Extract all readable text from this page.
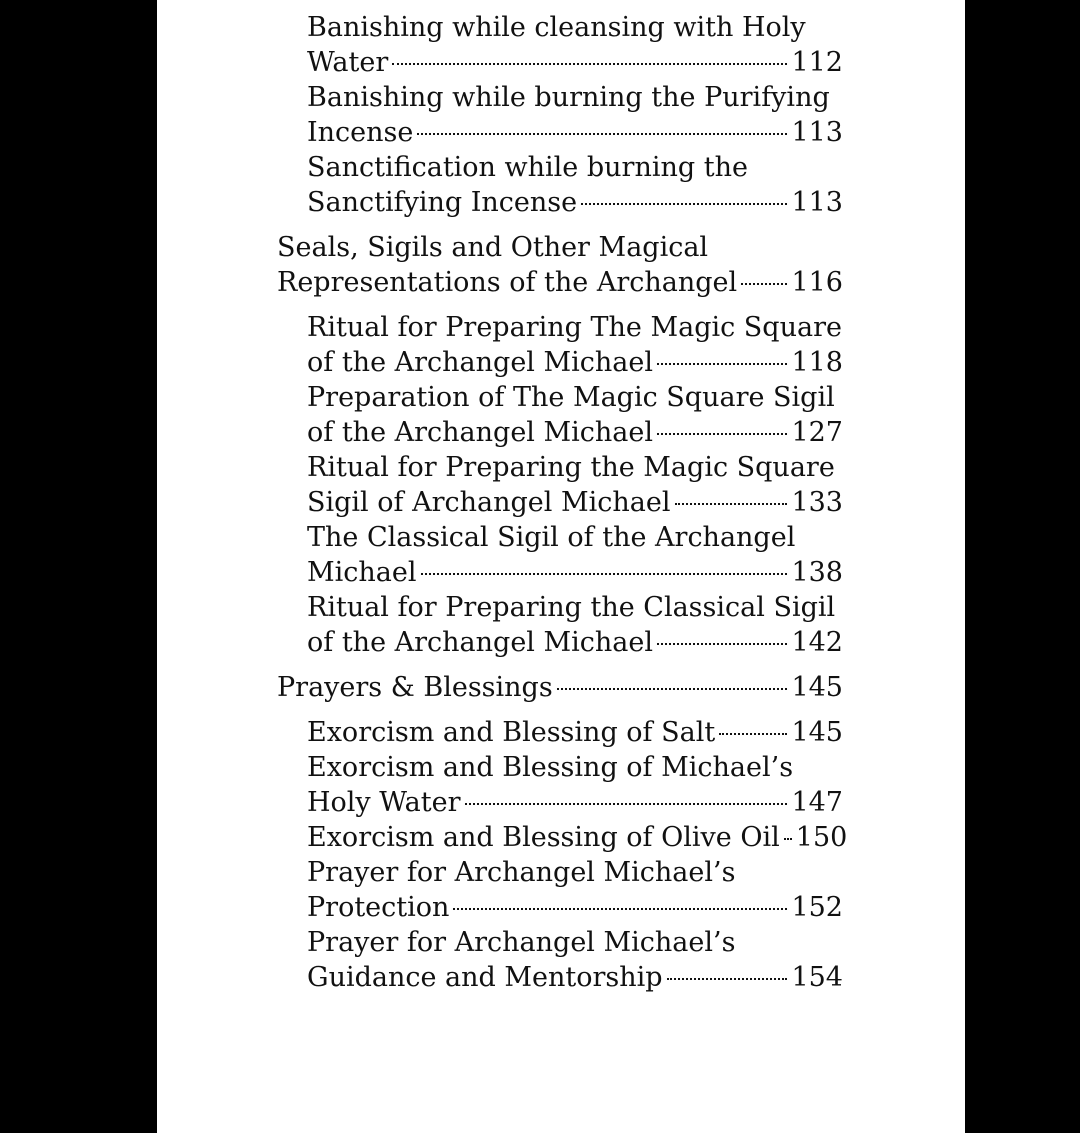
Banishing while cleansing with Holy
Water	112
Banishing while burning the Purifying
Incense	113
Sanctification while burning the
Sanctifying Incense	113
Seals, Sigils and Other Magical
Representations of the Archangel 116
Ritual for Preparing The Magic Square
of the Archangel Michael	118
Preparation of The Magic Square Sigil
of the Archangel Michael	127
Ritual for Preparing the Magic Square
Sigil of Archangel Michael	133
The Classical Sigil of the Archangel
Michael	138
Ritual for Preparing the Classical Sigil
of the Archangel Michael	142
Prayers & Blessings	145
Exorcism and Blessing of Salt	145
Exorcism and Blessing of Michael’s
Holy Water	147
Exorcism and Blessing of Olive Oil 150
Prayer for Archangel Michael’s
Protection	152
Prayer for Archangel Michael’s
Guidance and Mentorship	154
